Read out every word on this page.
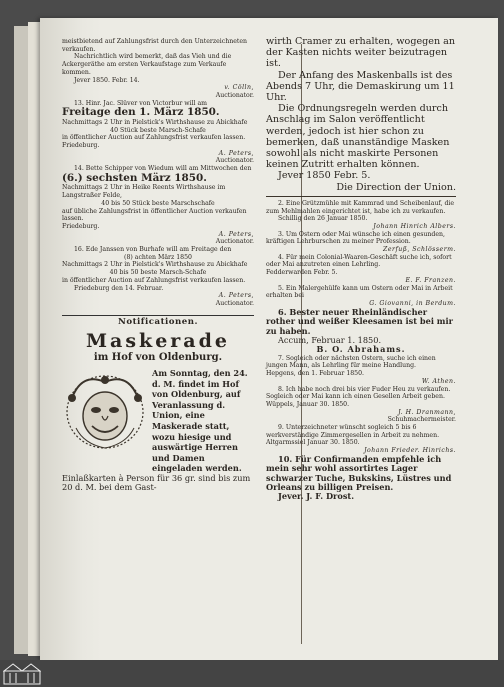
meistbietend auf Zahlungsfrist durch den Unterzeichneten verkaufen.

Nachrichtlich wird bemerkt, daß das Vieh und die Ackergeräthe am ersten Verkaufstage zum Verkaufe kommen.

Jever 1850. Febr. 14.

v. Cölln,

Auctionator.

13. Hinr. Jac. Slüver von Victorbur will am

Freitage den 1. März 1850.

Nachmittags 2 Uhr in Pielstick's Wirthshause zu Abickhafe

40 Stück beste Marsch-Schafe

in öffentlicher Auction auf Zahlungsfrist verkaufen lassen. Friedeburg.

A. Peters,

Auctionator.

14. Bette Schipper von Wiedum will am Mittwochen den

(6.) sechsten März 1850.

Nachmittags 2 Uhr in Heike Reents Wirthshause im Langstraßer Felde,

40 bis 50 Stück beste Marschschafe

auf übliche Zahlungsfrist in öffentlicher Auction verkaufen lassen.

Friedeburg.

A. Peters,

Auctionator.

16. Ede Janssen von Burhafe will am Freitage den

(8) achten März 1850

Nachmittags 2 Uhr in Pielstick's Wirthshause zu Abickhafe

40 bis 50 beste Marsch-Schafe

in öffentlicher Auction auf Zahlungsfrist verkaufen lassen.

Friedeburg den 14. Februar.

A. Peters,

Auctionator.

Notificationen.
Maskerade
im Hof von Oldenburg.
Am Sonntag, den 24. d. M. findet im Hof von Oldenburg, auf Veranlassung d. Union, eine Maskerade statt, wozu hiesige und auswärtige Herren und Damen eingeladen werden.

Einlaßkarten à Person für 36 gr. sind bis zum 20 d. M. bei dem Gast-

wirth Cramer zu erhalten, wogegen an der Kasten nichts weiter beizutragen ist.

Der Anfang des Maskenballs ist des Abends 7 Uhr, die Demaskirung um 11 Uhr.

Die Ordnungsregeln werden durch Anschlag im Salon veröffentlicht werden, jedoch ist hier schon zu bemerken, daß unanständige Masken sowohl als nicht maskirte Personen keinen Zutritt erhalten können.

Jever 1850 Febr. 5.

Die Direction der Union.

2. Eine Grützmühle mit Kammrad und Scheibenlauf, die zum Mehlmahlen eingerichtet ist, habe ich zu verkaufen.

Schillig den 26 Januar 1850.

Johann Hinrich Albers.

3. Um Ostern oder Mai wünsche ich einen gesunden, kräftigen Lehrburschen zu meiner Profession.

Zerfuß, Schlösserm.

4. Für mein Colonial-Waaren-Geschäft suche ich, sofort oder Mai anzutreten einen Lehrling.

Fedderwarden Febr. 5.

E. F. Franzen.

5. Ein Malergehülfe kann um Ostern oder Mai in Arbeit erhalten bei

G. Giovanni, in Berdum.

6. Bester neuer Rheinländischer rother und weißer Kleesamen ist bei mir zu haben.

Accum, Februar 1. 1850.

B. O. Abrahams.

7. Sogleich oder nächsten Ostern, suche ich einen jungen Mann, als Lehrling für meine Handlung.

Hepgens, den 1. Februar 1850.

W. Athen.

8. Ich habe noch drei bis vier Fuder Heu zu verkaufen. Sogleich oder Mai kann ich einen Gesellen Arbeit geben.

Wüppels, Januar 30. 1850.

J. H. Dranmann,

Schuhmachermeister.

9. Unterzeichneter wünscht sogleich 5 bis 6 werkverständige Zimmergesellen in Arbeit zu nehmen.

Altgarmssiel Januar 30. 1850.

Johann Frieder. Hinrichs.

10. Für Confirmanden empfehle ich mein sehr wohl assortirtes Lager schwarzer Tuche, Bukskins, Lüstres und Orleans zu billigen Preisen.

Jever. J. F. Drost.
